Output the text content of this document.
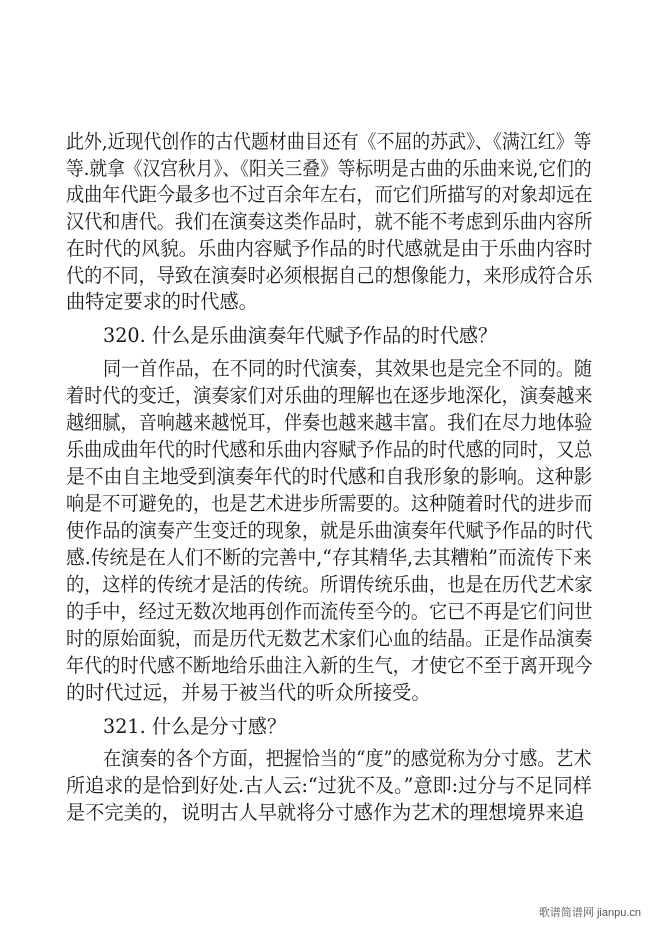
此外,近现代创作的古代题材曲目还有《不屈的苏武》、《满江红》等
等.就拿《汉宫秋月》、《阳关三叠》等标明是古曲的乐曲来说,它们的
成曲年代距今最多也不过百余年左右，而它们所描写的对象却远在
汉代和唐代。我们在演奏这类作品时，就不能不考虑到乐曲内容所
在时代的风貌。乐曲内容赋予作品的时代感就是由于乐曲内容时
代的不同，导致在演奏时必须根据自己的想像能力，来形成符合乐
曲特定要求的时代感。
320. 什么是乐曲演奏年代赋予作品的时代感？
同一首作品，在不同的时代演奏，其效果也是完全不同的。随
着时代的变迁，演奏家们对乐曲的理解也在逐步地深化，演奏越来
越细腻，音响越来越悦耳，伴奏也越来越丰富。我们在尽力地体验
乐曲成曲年代的时代感和乐曲内容赋予作品的时代感的同时，又总
是不由自主地受到演奏年代的时代感和自我形象的影响。这种影
响是不可避免的，也是艺术进步所需要的。这种随着时代的进步而
使作品的演奏产生变迁的现象，就是乐曲演奏年代赋予作品的时代
感.传统是在人们不断的完善中,“存其精华,去其糟粕”而流传下来
的，这样的传统才是活的传统。所谓传统乐曲，也是在历代艺术家
的手中，经过无数次地再创作而流传至今的。它已不再是它们问世
时的原始面貌，而是历代无数艺术家们心血的结晶。正是作品演奏
年代的时代感不断地给乐曲注入新的生气，才使它不至于离开现今
的时代过远，并易于被当代的听众所接受。
321. 什么是分寸感？
在演奏的各个方面，把握恰当的“度”的感觉称为分寸感。艺术
所追求的是恰到好处.古人云:“过犹不及。”意即:过分与不足同样
是不完美的，说明古人早就将分寸感作为艺术的理想境界来追
歌谱简谱网 jianpu.cn
